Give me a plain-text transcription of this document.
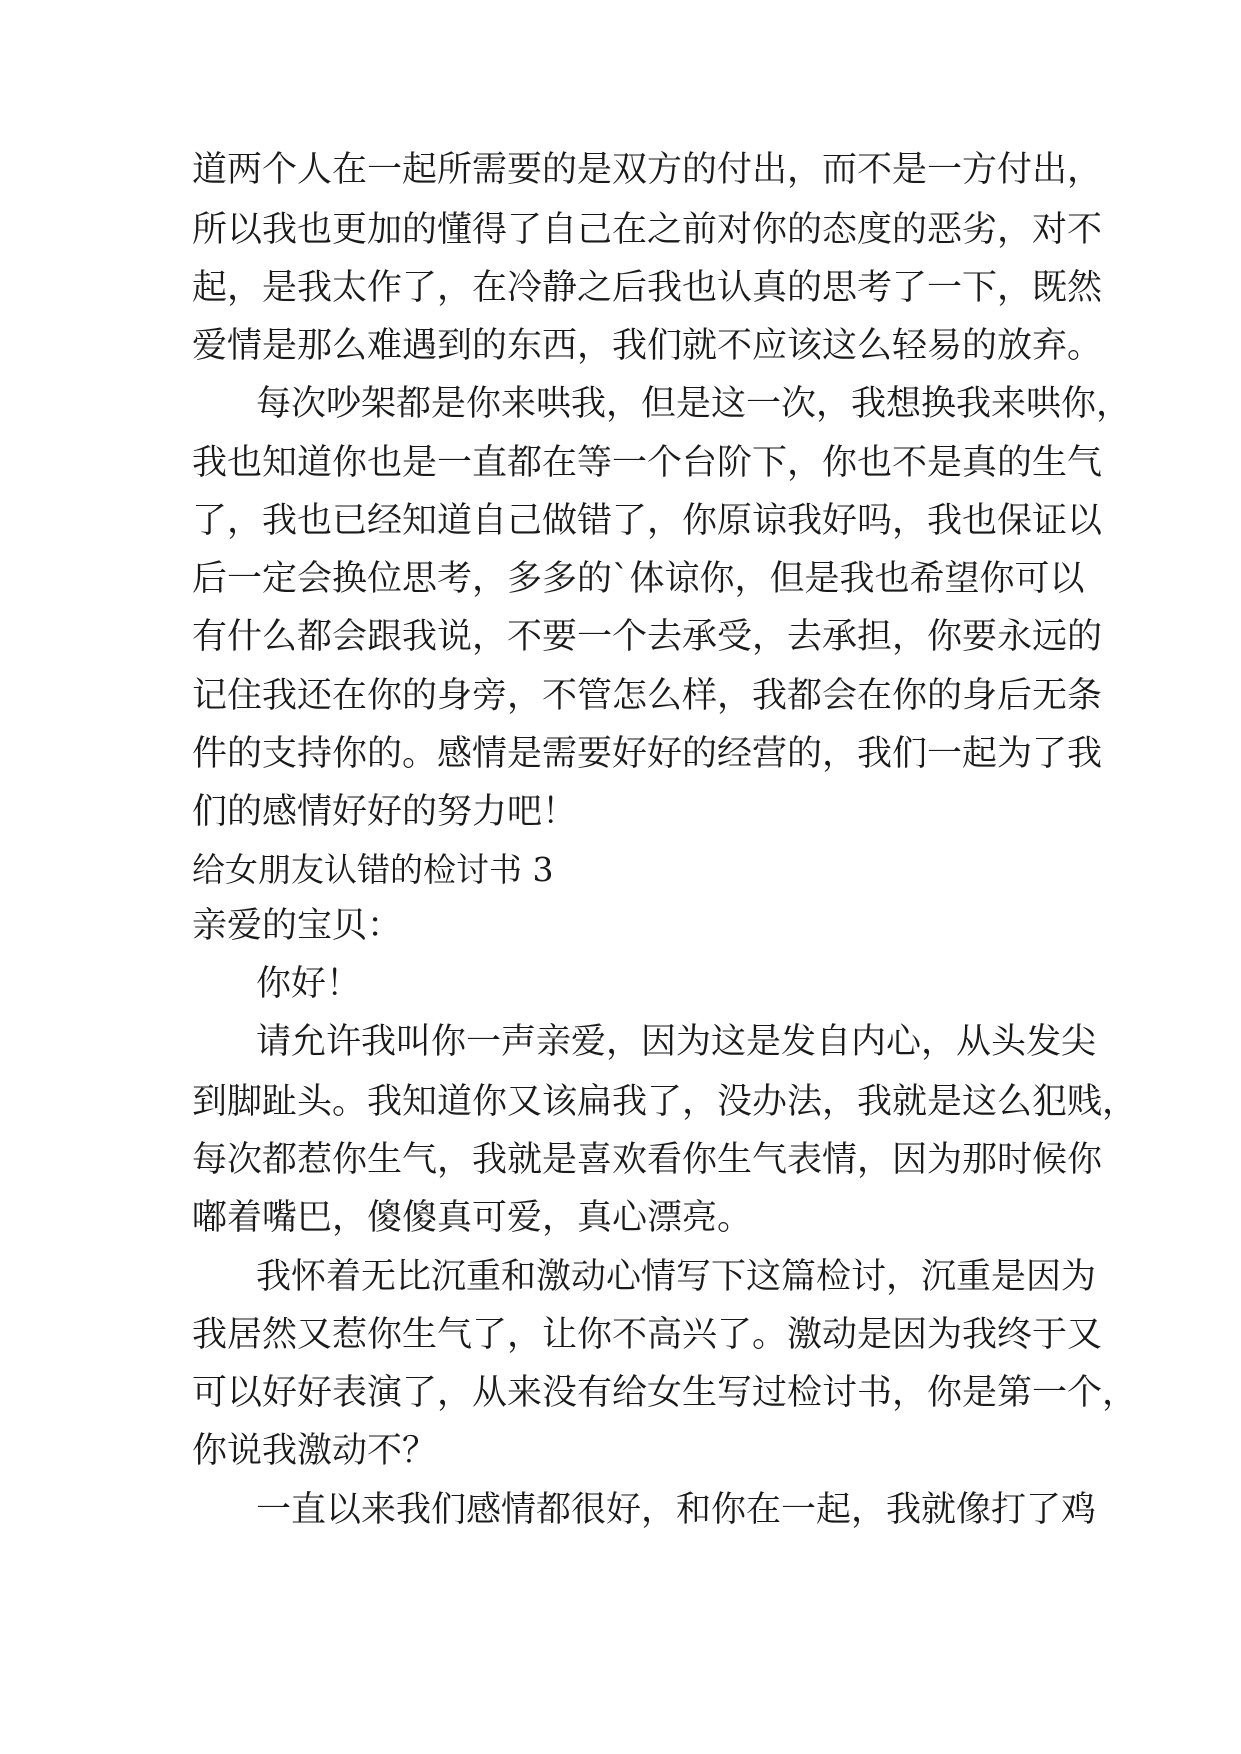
道两个人在一起所需要的是双方的付出，而不是一方付出，

所以我也更加的懂得了自己在之前对你的态度的恶劣，对不

起，是我太作了，在冷静之后我也认真的思考了一下，既然

爱情是那么难遇到的东西，我们就不应该这么轻易的放弃。

每次吵架都是你来哄我，但是这一次，我想换我来哄你，

我也知道你也是一直都在等一个台阶下，你也不是真的生气

了，我也已经知道自己做错了，你原谅我好吗，我也保证以

后一定会换位思考，多多的`体谅你，但是我也希望你可以

有什么都会跟我说，不要一个去承受，去承担，你要永远的

记住我还在你的身旁，不管怎么样，我都会在你的身后无条

件的支持你的。感情是需要好好的经营的，我们一起为了我

们的感情好好的努力吧！

给女朋友认错的检讨书 3

亲爱的宝贝：

你好！

请允许我叫你一声亲爱，因为这是发自内心，从头发尖

到脚趾头。我知道你又该扁我了，没办法，我就是这么犯贱，

每次都惹你生气，我就是喜欢看你生气表情，因为那时候你

嘟着嘴巴，傻傻真可爱，真心漂亮。

我怀着无比沉重和激动心情写下这篇检讨，沉重是因为

我居然又惹你生气了，让你不高兴了。激动是因为我终于又

可以好好表演了，从来没有给女生写过检讨书，你是第一个，

你说我激动不？

一直以来我们感情都很好，和你在一起，我就像打了鸡
